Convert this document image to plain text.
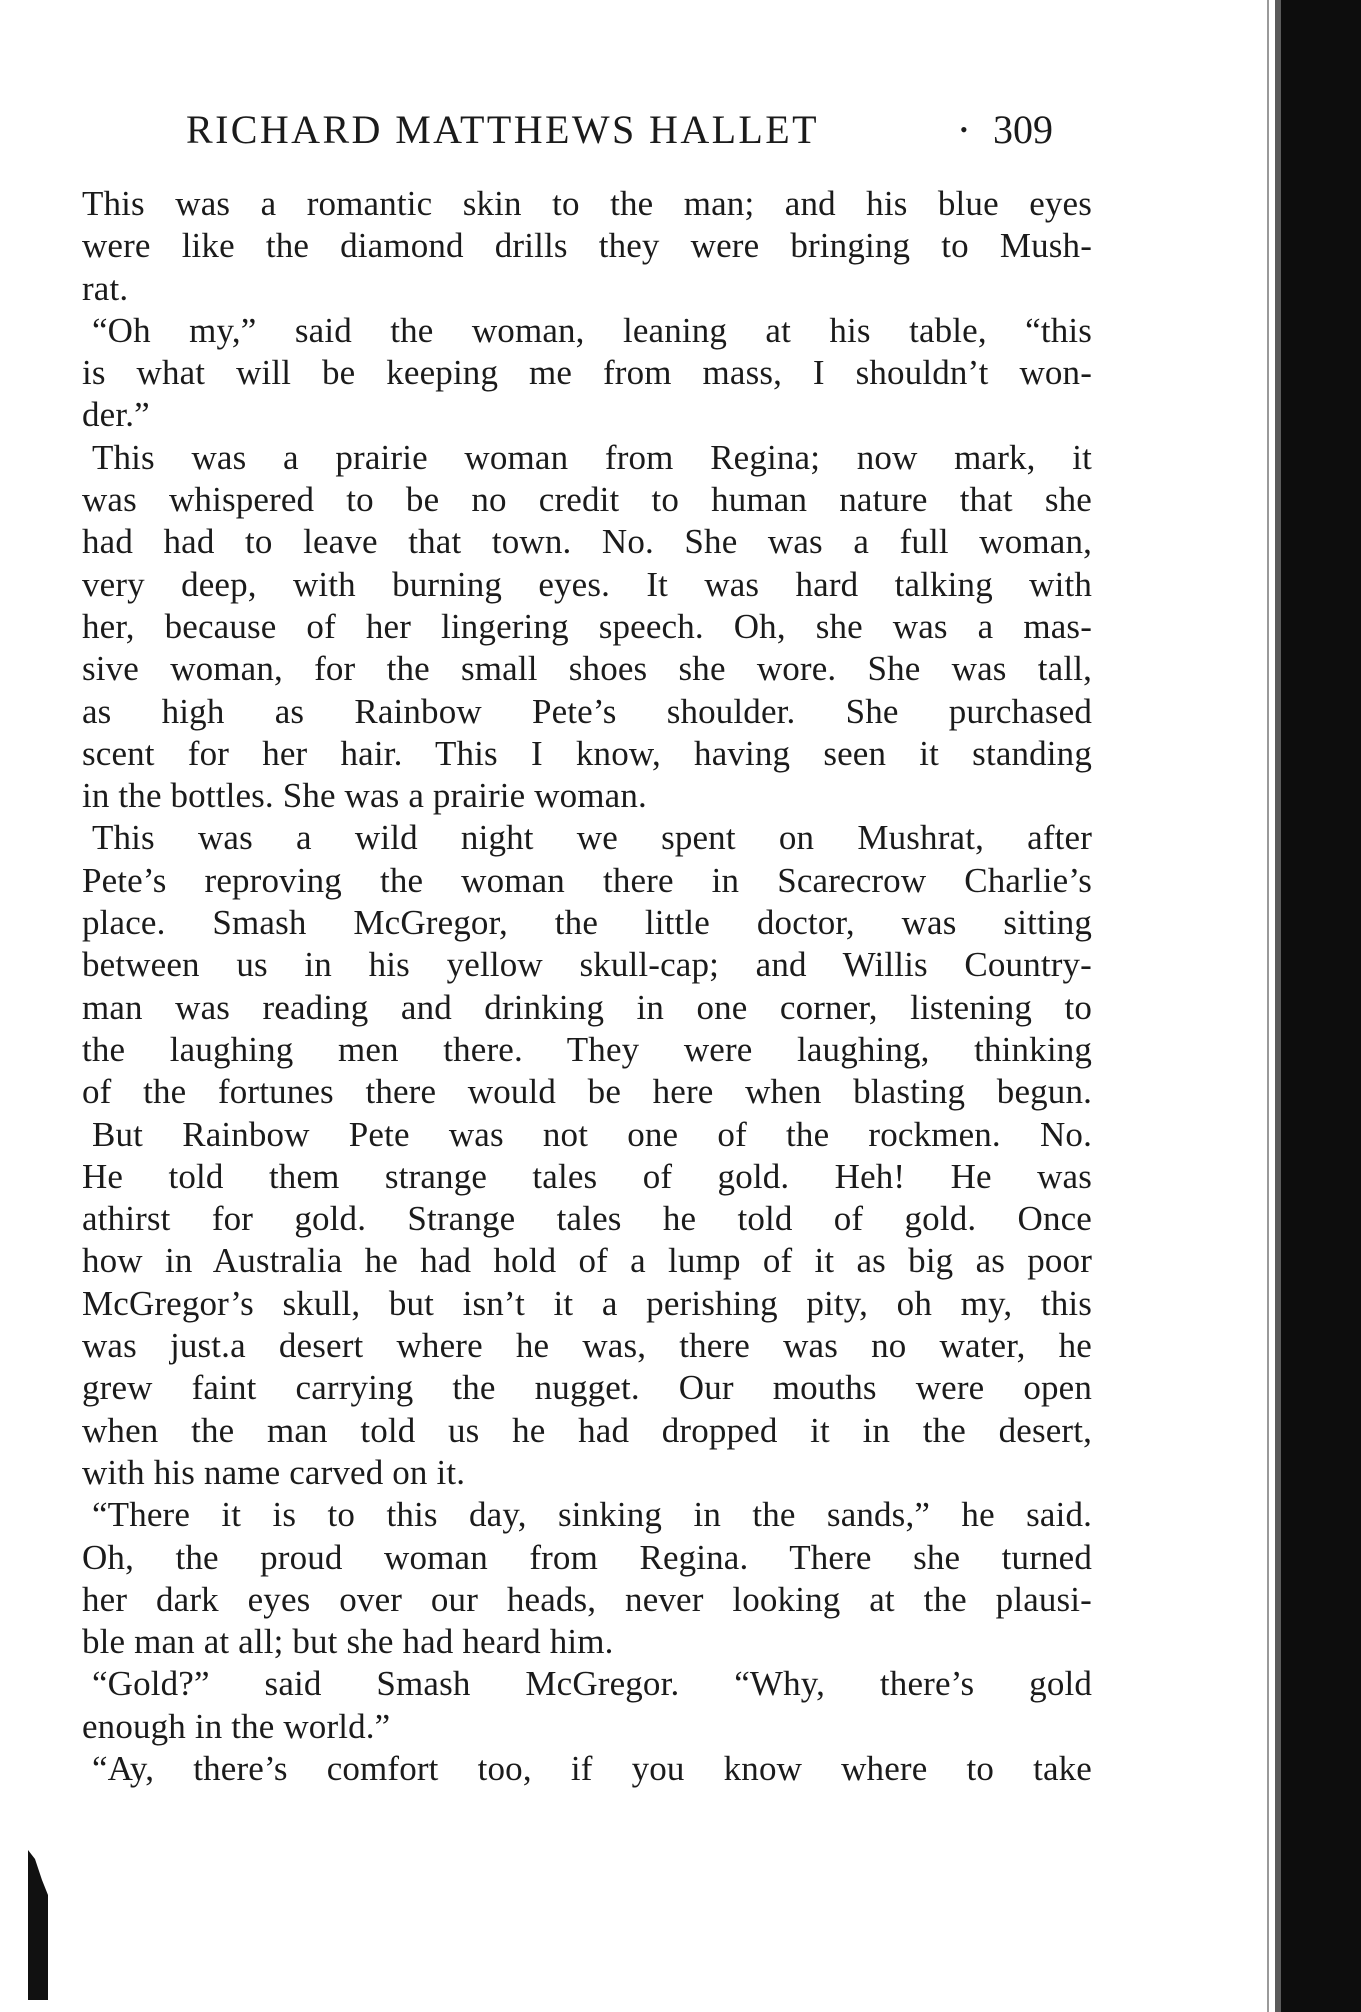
RICHARD MATTHEWS HALLET	• 309
This was a romantic skin to the man; and his blue eyes
were like the diamond drills they were bringing to Mush-
rat.
“Oh my,” said the woman, leaning at his table, “this
is what will be keeping me from mass, I shouldn’t won-
der.”
This was a prairie woman from Regina; now mark, it
was whispered to be no credit to human nature that she
had had to leave that town. No. She was a full woman,
very deep, with burning eyes. It was hard talking with
her, because of her lingering speech. Oh, she was a mas-
sive woman, for the small shoes she wore. She was tall,
as high as Rainbow Pete’s shoulder. She purchased
scent for her hair. This I know, having seen it standing
in the bottles. She was a prairie woman.
This was a wild night we spent on Mushrat, after
Pete’s reproving the woman there in Scarecrow Charlie’s
place. Smash McGregor, the little doctor, was sitting
between us in his yellow skull-cap; and Willis Country-
man was reading and drinking in one corner, listening to
the laughing men there. They were laughing, thinking
of the fortunes there would be here when blasting begun.
But Rainbow Pete was not one of the rockmen. No.
He told them strange tales of gold. Heh! He was
athirst for gold. Strange tales he told of gold. Once
how in Australia he had hold of a lump of it as big as poor
McGregor’s skull, but isn’t it a perishing pity, oh my, this
was just.a desert where he was, there was no water, he
grew faint carrying the nugget. Our mouths were open
when the man told us he had dropped it in the desert,
with his name carved on it.
“There it is to this day, sinking in the sands,” he said.
Oh, the proud woman from Regina. There she turned
her dark eyes over our heads, never looking at the plausi-
ble man at all; but she had heard him.
“Gold?” said Smash McGregor. “Why, there’s gold
enough in the world.”
“Ay, there’s comfort too, if you know where to take
